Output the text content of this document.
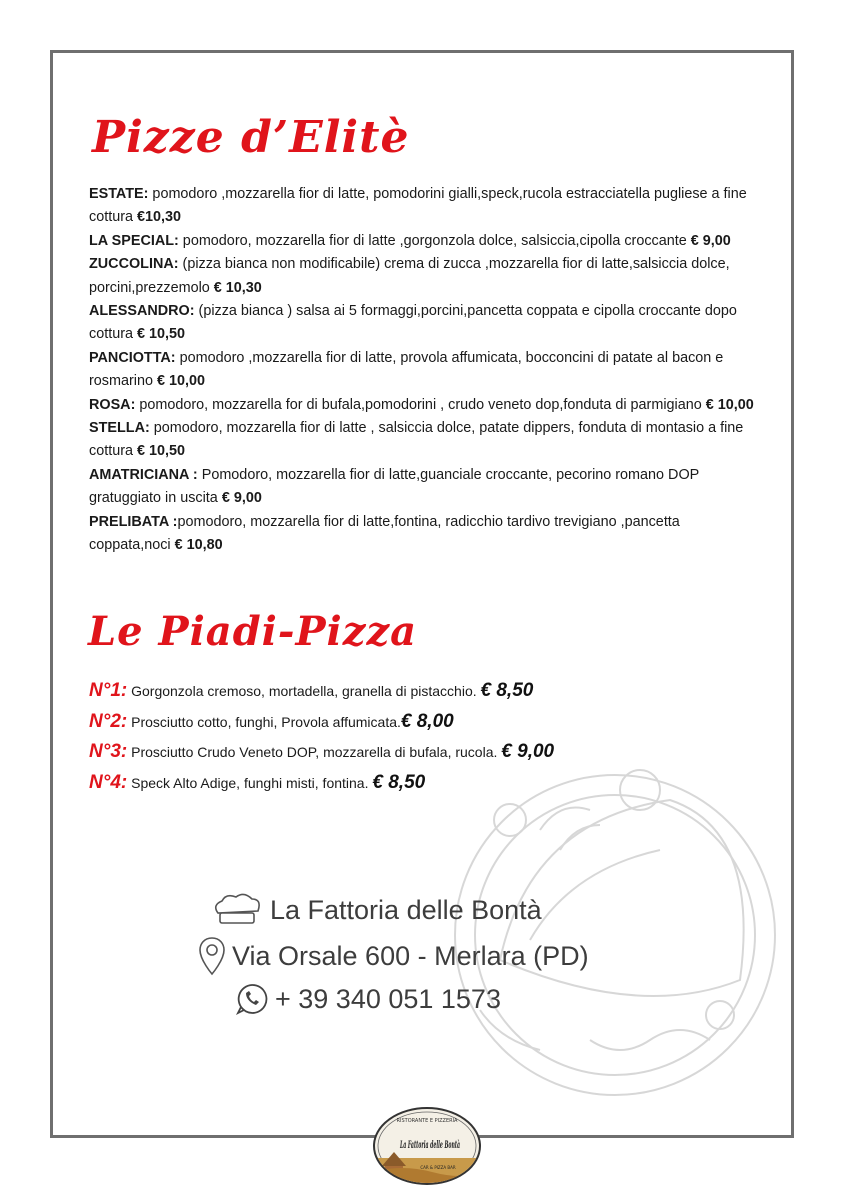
Pizze d’Elitè

ESTATE: pomodoro ,mozzarella fior di latte, pomodorini gialli,speck,rucola estracciatella pugliese a fine cottura €10,30

LA SPECIAL: pomodoro, mozzarella fior di latte ,gorgonzola dolce, salsiccia,cipolla croccante € 9,00

ZUCCOLINA: (pizza bianca non modificabile) crema di zucca ,mozzarella fior di latte,salsiccia dolce, porcini,prezzemolo € 10,30

ALESSANDRO: (pizza bianca ) salsa ai 5 formaggi,porcini,pancetta coppata e cipolla croccante dopo cottura € 10,50

PANCIOTTA: pomodoro ,mozzarella fior di latte, provola affumicata, bocconcini di patate al bacon e rosmarino € 10,00

ROSA: pomodoro, mozzarella for di bufala,pomodorini , crudo veneto dop,fonduta di parmigiano € 10,00

STELLA: pomodoro, mozzarella fior di latte , salsiccia dolce, patate dippers, fonduta di montasio a fine cottura € 10,50

AMATRICIANA : Pomodoro, mozzarella fior di latte,guanciale croccante, pecorino romano DOP gratuggiato in uscita € 9,00

PRELIBATA :pomodoro, mozzarella fior di latte,fontina, radicchio tardivo trevigiano ,pancetta coppata,noci € 10,80

Le Piadi-Pizza
N°1: Gorgonzola cremoso, mortadella, granella di pistacchio. € 8,50
N°2: Prosciutto cotto, funghi, Provola affumicata.€ 8,00
N°3: Prosciutto Crudo Veneto DOP, mozzarella di bufala, rucola. € 9,00
N°4: Speck Alto Adige, funghi misti, fontina. € 8,50
La Fattoria delle Bontà
Via Orsale 600 - Merlara (PD)
+ 39 340 051 1573
RISTORANTE E PIZZERIA
La Fattoria delle Bontà
CAR & PIZZA BAR
